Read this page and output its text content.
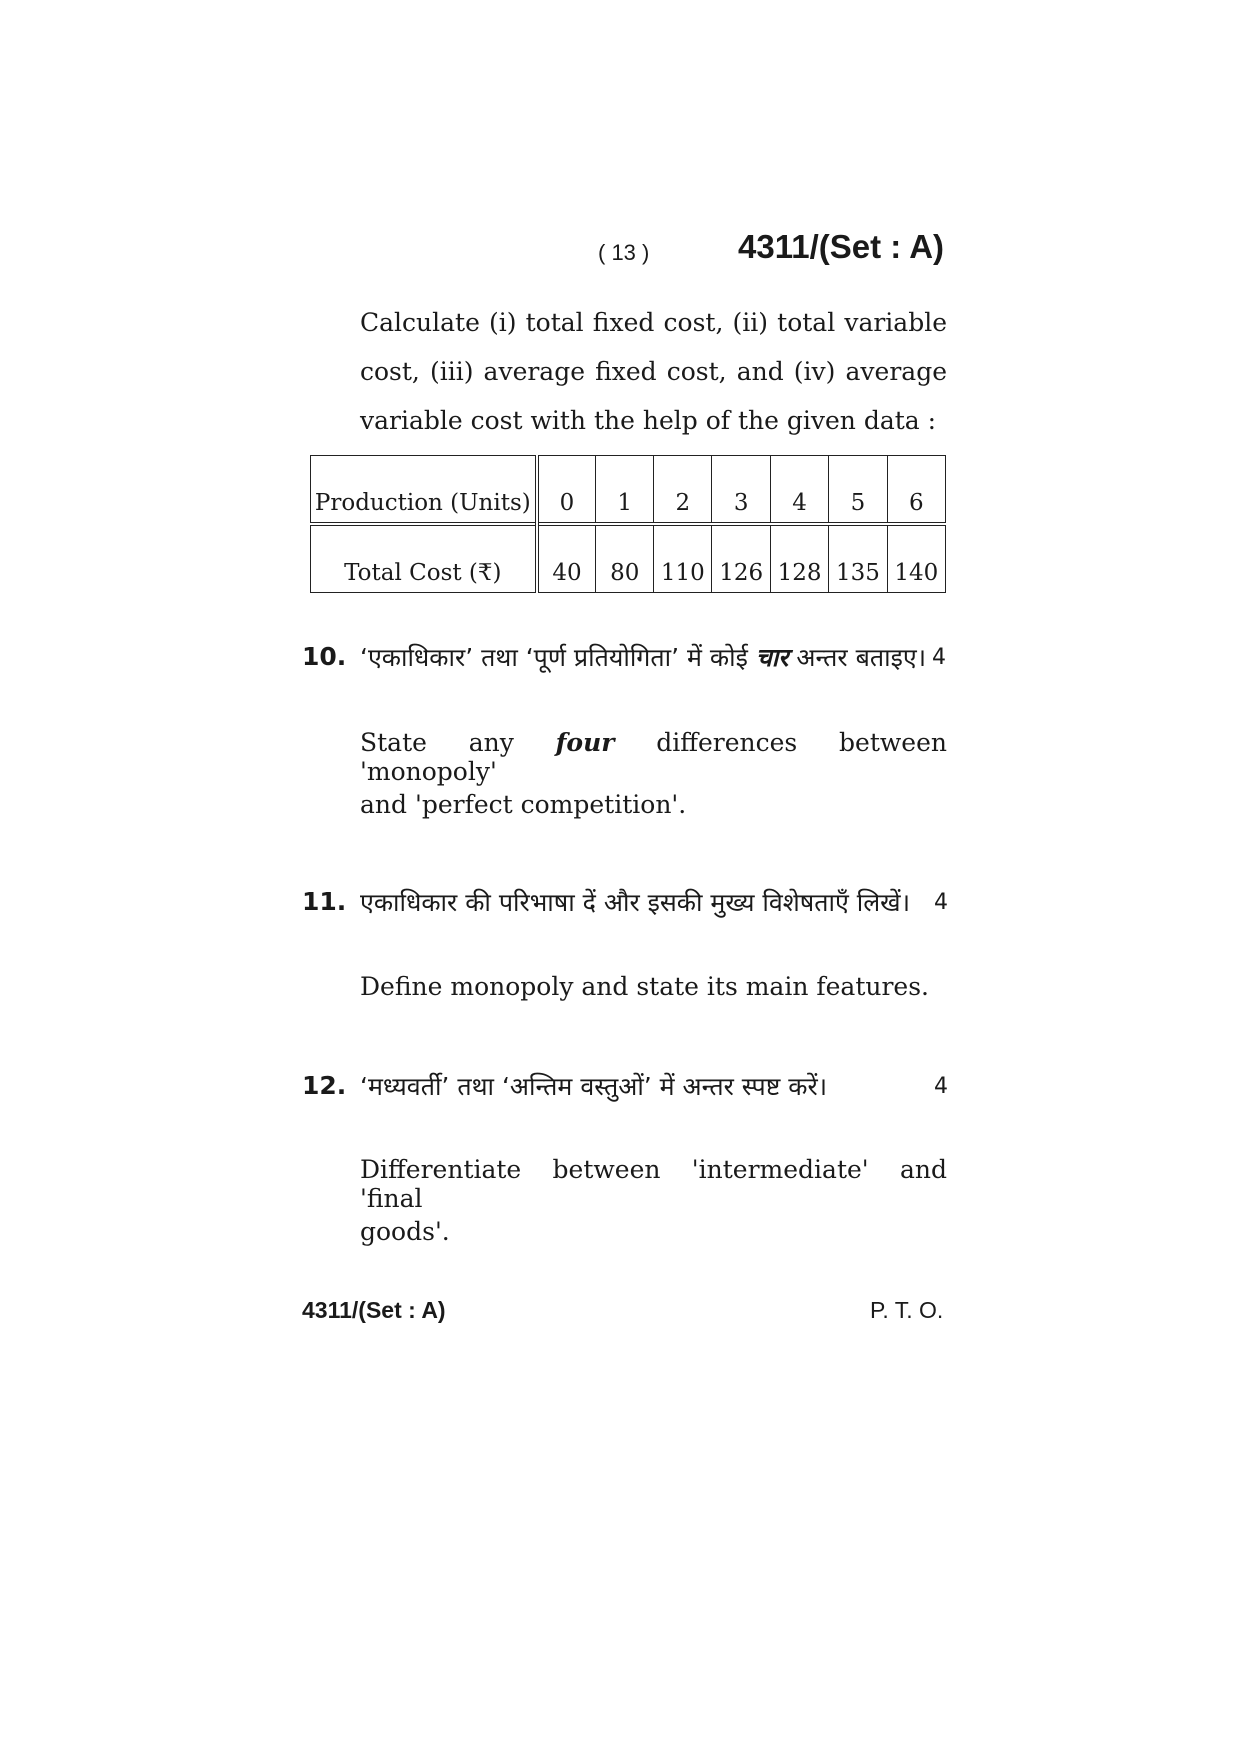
( 13 )	4311/(Set : A)
Calculate (i) total fixed cost, (ii) total variable
cost, (iii) average fixed cost, and (iv) average
variable cost with the help of the given data :
Production (Units)	0	1	2	3	4	5	6
Total Cost (₹)	40	80	110	126	128	135	140
10. ‘एकाधिकार’ तथा ‘पूर्ण प्रतियोगिता’ में कोई चार अन्तर बताइए। 4
State any four differences between 'monopoly'
and 'perfect competition'.
11. एकाधिकार की परिभाषा दें और इसकी मुख्य विशेषताएँ लिखें। 4
Define monopoly and state its main features.
12. ‘मध्यवर्ती’ तथा ‘अन्तिम वस्तुओं’ में अन्तर स्पष्ट करें।	4
Differentiate between 'intermediate' and 'final
goods'.
4311/(Set : A)	P. T. O.
